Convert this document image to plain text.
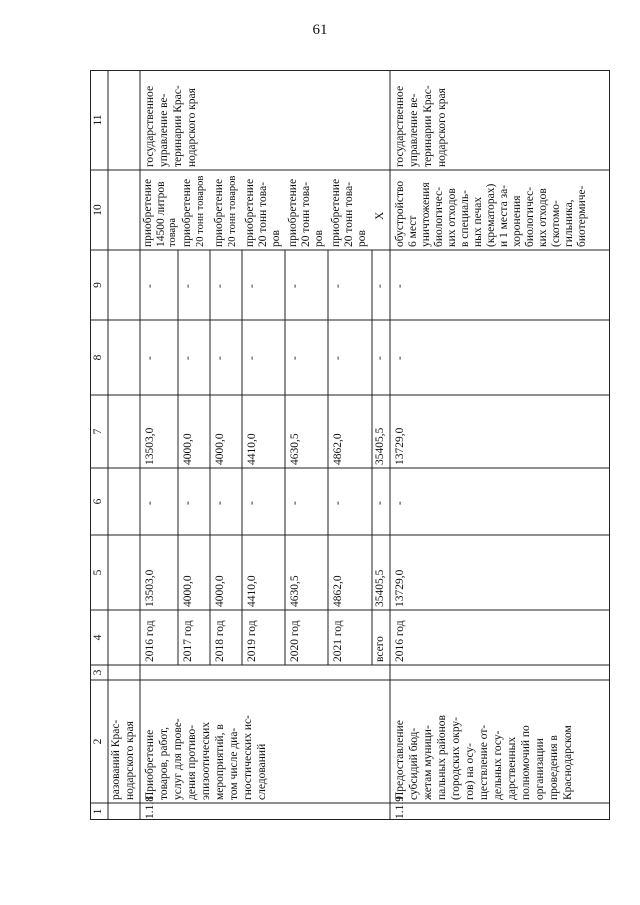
61
1
2
3
4
5
6
7
8
9
10
11
разований Крас- нодарского края
1.1.8
Приобретение товаров, работ, услуг для прове- дения противо- эпизоотических мероприятий, в том числе диа- гностических ис- следований
государственное управление ве- теринарии Крас- нодарского края
2016 год
13503,0
-
13503,0
-
-
приобретение 14500 литров товара
2017 год
4000,0
-
4000,0
-
-
приобретение 20 тонн товаров
2018 год
4000,0
-
4000,0
-
-
приобретение 20 тонн товаров
2019 год
4410,0
-
4410,0
-
-
приобретение 20 тонн това- ров
2020 год
4630,5
-
4630,5
-
-
приобретение 20 тонн това- ров
2021 год
4862,0
-
4862,0
-
-
приобретение 20 тонн това- ров
всего
35405,5
-
35405,5
-
-
X
1.1.9
Предоставление субсидий бюд- жетам муници- пальных районов (городских окру- гов) на осу- ществление от- дельных госу- дарственных полномочий по организации проведения в Краснодарском
2016 год
13729,0
-
13729,0
-
-
обустройство 6 мест уничтожения биологичес- ких отходов в специаль- ных печах (крематорах) и 1 места за- хоронения биологичес- ких отходов (скотомо- гильника, биотермиче-
государственное управление ве- теринарии Крас- нодарского края
